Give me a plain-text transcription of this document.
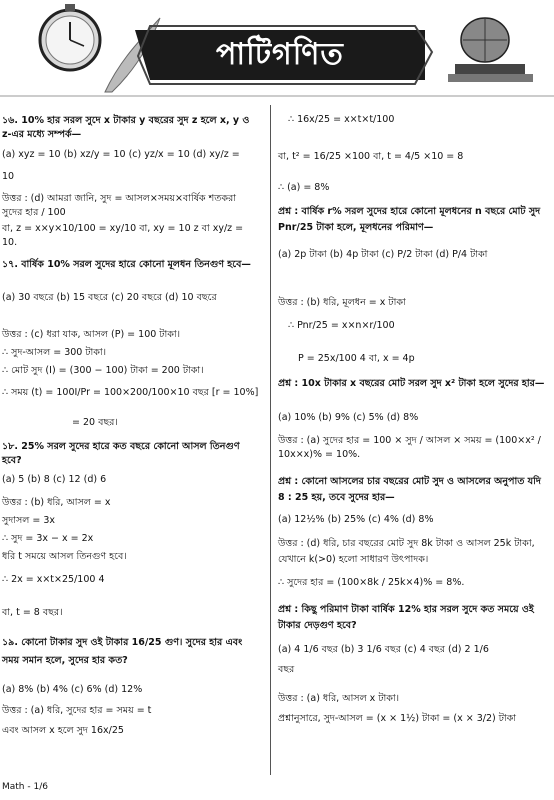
পাটিগণিত
১৬. 10% হার সরল সুদে x টাকার y বছরের সুদ z হলে x, y ও z-এর মধ্যে সম্পর্ক—
(a) xyz = 10 (b) xz/y = 10 (c) yz/x = 10 (d) xy/z = 10
উত্তর : (d) আমরা জানি, সুদ = আসল×সময়×বার্ষিক শতকরা সুদের হার / 100
বা, z = x×y×10/100 = xy/10 বা, xy = 10 z বা xy/z = 10.
১৭. বার্ষিক 10% সরল সুদের হারে কোনো মূলধন তিনগুণ হবে—
(a) 30 বছরে (b) 15 বছরে (c) 20 বছরে (d) 10 বছরে
উত্তর : (c) ধরা যাক, আসল (P) = 100 টাকা।
∴ সুদ-আসল = 300 টাকা।
∴ মোট সুদ (I) = (300 − 100) টাকা = 200 টাকা।
∴ সময় (t) = 100I/Pr = 100×200/100×10 বছর [r = 10%]
= 20 বছর।
১৮. 25% সরল সুদের হারে কত বছরে কোনো আসল তিনগুণ হবে?
(a) 5 (b) 8 (c) 12 (d) 6
উত্তর : (b) ধরি, আসল = x
সুদাসল = 3x
∴ সুদ = 3x − x = 2x
ধরি t সময়ে আসল তিনগুণ হবে।
∴ 2x = x×t×25/100 4
বা, t = 8 বছর।
১৯. কোনো টাকার সুদ ওই টাকার 16/25 গুণ। সুদের হার এবং সময় সমান হলে, সুদের হার কত?
(a) 8% (b) 4% (c) 6% (d) 12%
উত্তর : (a) ধরি, সুদের হার = সময় = t
এবং আসল x হলে সুদ 16x/25
∴ 16x/25 = x×t×t/100
বা, t² = 16/25 ×100 বা, t = 4/5 ×10 = 8
∴ (a) = 8%
প্রশ্ন : বার্ষিক r% সরল সুদের হারে কোনো মূলধনের n বছরে মোট সুদ Pnr/25 টাকা হলে, মূলধনের পরিমাণ—
(a) 2p টাকা (b) 4p টাকা (c) P/2 টাকা (d) P/4 টাকা
উত্তর : (b) ধরি, মূলধন = x টাকা
∴ Pnr/25 = x×n×r/100
P = 25x/100 4 বা, x = 4p
প্রশ্ন : 10x টাকার x বছরের মোট সরল সুদ x² টাকা হলে সুদের হার—
(a) 10% (b) 9% (c) 5% (d) 8%
উত্তর : (a) সুদের হার = 100 × সুদ / আসল × সময় = (100×x² / 10x×x)% = 10%.
প্রশ্ন : কোনো আসলের চার বছরের মোট সুদ ও আসলের অনুপাত যদি 8 : 25 হয়, তবে সুদের হার—
(a) 12½% (b) 25% (c) 4% (d) 8%
উত্তর : (d) ধরি, চার বছরের মোট সুদ 8k টাকা ও আসল 25k টাকা, যেখানে k(>0) হলো সাধারণ উৎপাদক।
∴ সুদের হার = (100×8k / 25k×4)% = 8%.
প্রশ্ন : কিছু পরিমাণ টাকা বার্ষিক 12% হার সরল সুদে কত সময়ে ওই টাকার দেড়গুণ হবে?
(a) 4 1/6 বছর (b) 3 1/6 বছর (c) 4 বছর (d) 2 1/6 বছর
উত্তর : (a) ধরি, আসল x টাকা।
প্রশ্নানুসারে, সুদ-আসল = (x × 1½) টাকা = (x × 3/2) টাকা
Math - 1/6
